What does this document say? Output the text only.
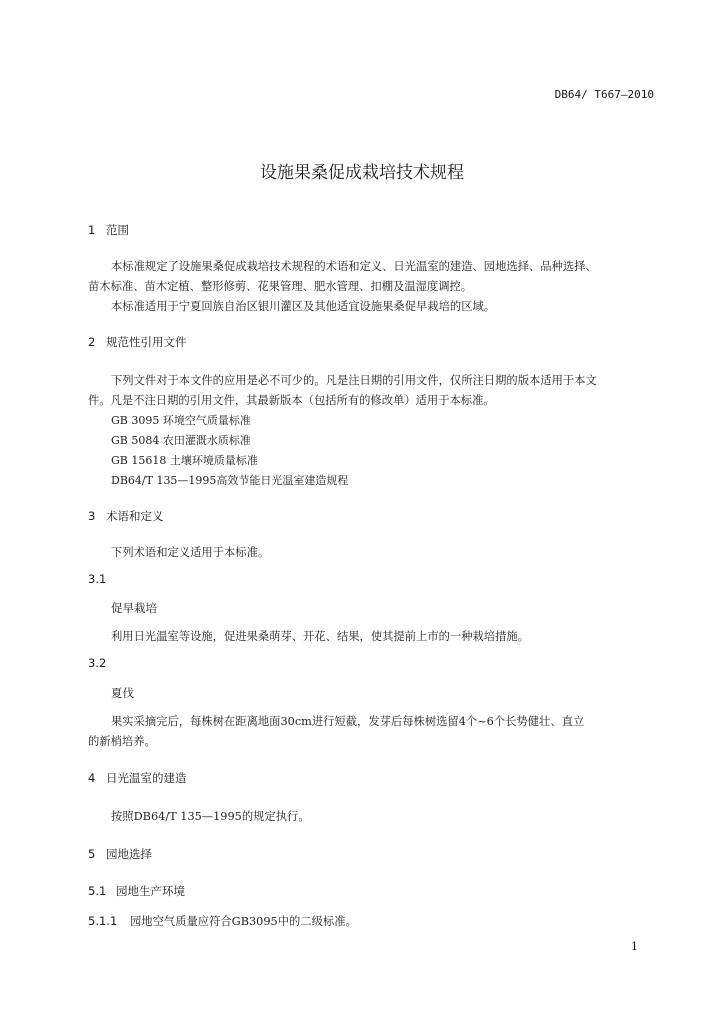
DB64/ T667—2010
设施果桑促成栽培技术规程
1 范围
本标准规定了设施果桑促成栽培技术规程的术语和定义、日光温室的建造、园地选择、品种选择、
苗木标准、苗木定植、整形修剪、花果管理、肥水管理、扣棚及温湿度调控。
本标准适用于宁夏回族自治区银川灌区及其他适宜设施果桑促早栽培的区域。
2 规范性引用文件
下列文件对于本文件的应用是必不可少的。凡是注日期的引用文件，仅所注日期的版本适用于本文
件。凡是不注日期的引用文件，其最新版本（包括所有的修改单）适用于本标准。
GB 3095 环境空气质量标准
GB 5084 农田灌溉水质标准
GB 15618 土壤环境质量标准
DB64/T 135—1995高效节能日光温室建造规程
3 术语和定义
下列术语和定义适用于本标准。
3.1
促早栽培
利用日光温室等设施，促进果桑萌芽、开花、结果，使其提前上市的一种栽培措施。
3.2
夏伐
果实采摘完后，每株树在距离地面30cm进行短截，发芽后每株树选留4个~6个长势健壮、直立
的新梢培养。
4 日光温室的建造
按照DB64/T 135—1995的规定执行。
5 园地选择
5.1 园地生产环境
5.1.1 园地空气质量应符合GB3095中的二级标准。
1
